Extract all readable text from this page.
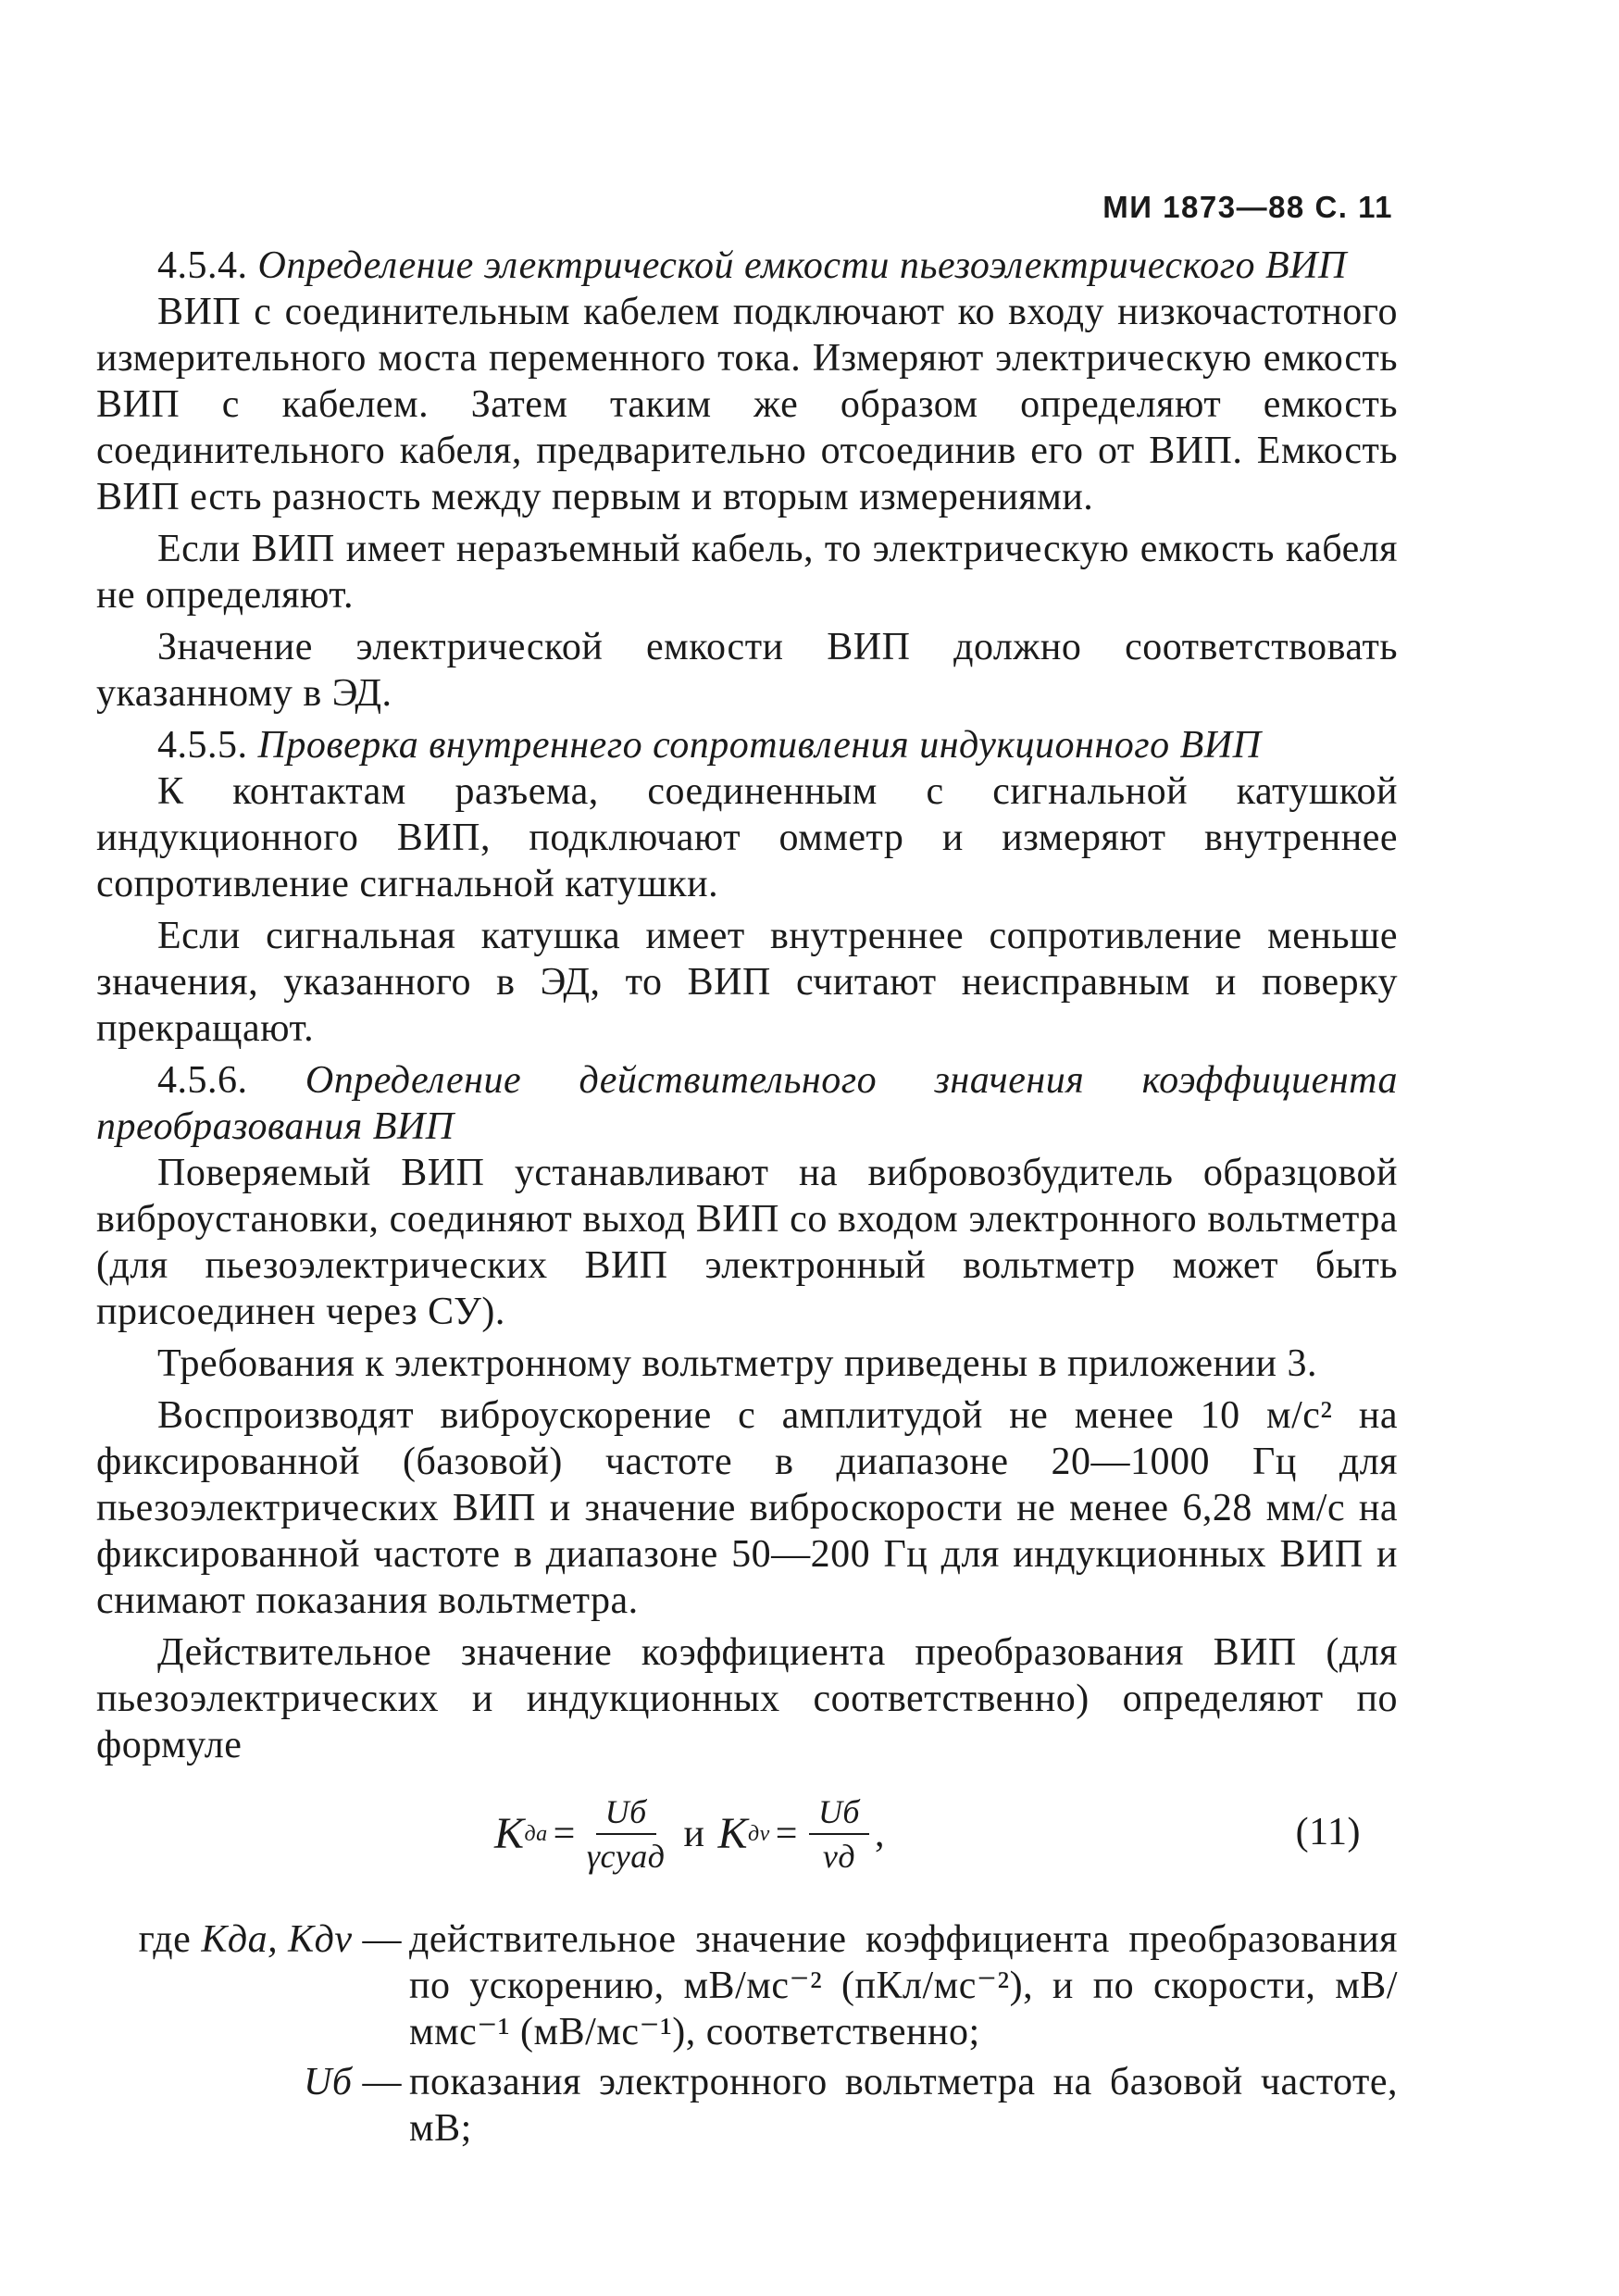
МИ 1873—88 С. 11

4.5.4. Определение электрической емкости пьезоэлектрического ВИП

ВИП с соединительным кабелем подключают ко входу низкочастотного измерительного моста переменного тока. Измеряют электрическую емкость ВИП с кабелем. Затем таким же образом определяют емкость соединительного кабеля, предварительно отсоединив его от ВИП. Емкость ВИП есть разность между первым и вторым измерениями.

Если ВИП имеет неразъемный кабель, то электрическую емкость кабеля не определяют.

Значение электрической емкости ВИП должно соответствовать указанному в ЭД.

4.5.5. Проверка внутреннего сопротивления индукционного ВИП

К контактам разъема, соединенным с сигнальной катушкой индукционного ВИП, подключают омметр и измеряют внутреннее сопротивление сигнальной катушки.

Если сигнальная катушка имеет внутреннее сопротивление меньше значения, указанного в ЭД, то ВИП считают неисправным и поверку прекращают.

4.5.6. Определение действительного значения коэффициента преобразования ВИП

Поверяемый ВИП устанавливают на вибровозбудитель образцовой виброустановки, соединяют выход ВИП со входом электронного вольтметра (для пьезоэлектрических ВИП электронный вольтметр может быть присоединен через СУ).

Требования к электронному вольтметру приведены в приложении 3.

Воспроизводят виброускорение с амплитудой не менее 10 м/с² на фиксированной (базовой) частоте в диапазоне 20—1000 Гц для пьезоэлектрических ВИП и значение виброскорости не менее 6,28 мм/с на фиксированной частоте в диапазоне 50—200 Гц для индукционных ВИП и снимают показания вольтметра.

Действительное значение коэффициента преобразования ВИП (для пьезоэлектрических и индукционных соответственно) определяют по формуле

K да = $\frac{Uб}{\text{γсуaд}}$ и K дv = $\frac{Uб}{vд}$ ,	(11)
где Kда, Kдv — действительное значение коэффициента преобразования по ускорению, мВ/мс⁻² (пКл/мс⁻²), и по скорости, мВ/ммс⁻¹ (мВ/мс⁻¹), соответственно;
Uб — показания электронного вольтметра на базовой частоте, мВ;
